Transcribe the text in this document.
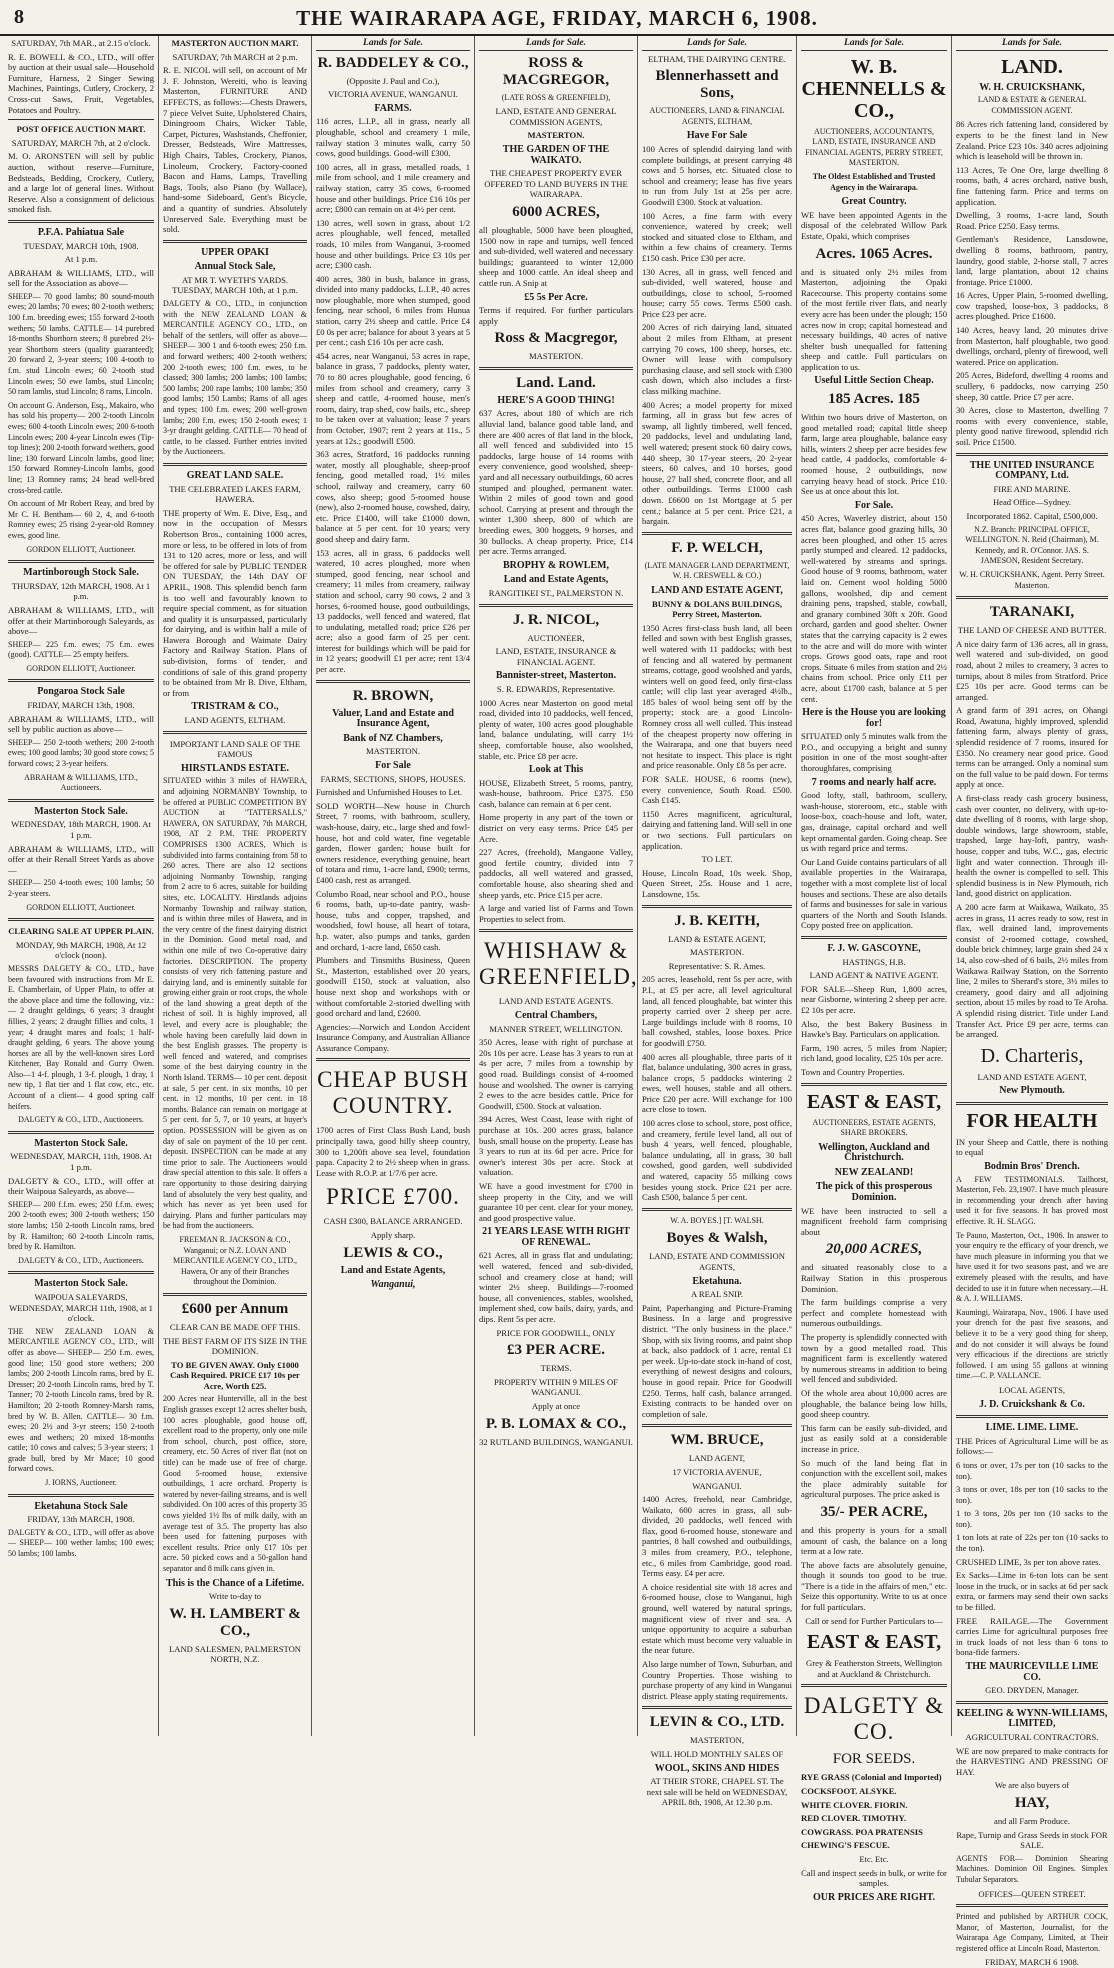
8	THE WAIRARAPA AGE, FRIDAY, MARCH 6, 1908.

SATURDAY, 7th MAR., at 2.15 o'clock.

R. E. BOWELL & CO., LTD., will offer by auction at their usual sale—Household Furniture, Harness, 2 Singer Sewing Machines, Paintings, Cutlery, Crockery, 2 Cross-cut Saws, Fruit, Vegetables, Potatoes and Poultry.

POST OFFICE AUCTION MART.

SATURDAY, MARCH 7th, at 2 o'clock.

M. O. ARONSTEN will sell by public auction, without reserve—Furniture, Bedsteads, Bedding, Crockery, Cutlery, and a large lot of general lines. Without Reserve. Also a consignment of delicious smoked fish.

P.F.A. Pahiatua Sale

TUESDAY, MARCH 10th, 1908.

At 1 p.m.

ABRAHAM & WILLIAMS, LTD., will sell for the Association as above—

SHEEP— 70 good lambs; 80 sound-mouth ewes; 20 lambs; 70 ewes; 80 2-tooth wethers; 100 f.m. breeding ewes; 155 forward 2-tooth wethers; 50 lambs. CATTLE— 14 purebred 18-months Shorthorn steers; 8 purebred 2½-year Shorthorn steers (quality guaranteed); 20 forward 2, 3-year steers; 100 4-tooth to f.m. stud Lincoln ewes; 60 2-tooth stud Lincoln ewes; 50 ewe lambs, stud Lincoln; 50 ram lambs, stud Lincoln; 8 rams, Lincoln.

On account G. Anderson, Esq., Makairo, who has sold his property— 200 2-tooth Lincoln ewes; 600 4-tooth Lincoln ewes; 200 6-tooth Lincoln ewes; 200 4-year Lincoln ewes (Tip-top lines); 200 2-tooth forward wethers, good line; 130 forward Lincoln lambs, good line; 150 forward Romney-Lincoln lambs, good line; 13 Romney rams; 24 head well-bred cross-bred cattle.

On account of Mr Robert Reay, and bred by Mr C. H. Bentham— 60 2, 4, and 6-tooth Romney ewes; 25 rising 2-year-old Romney ewes, good line.

GORDON ELLIOTT, Auctioneer.

Martinborough Stock Sale.

THURSDAY, 12th MARCH, 1908. At 1 p.m.

ABRAHAM & WILLIAMS, LTD., will offer at their Martinborough Saleyards, as above—

SHEEP— 225 f.m. ewes; 75 f.m. ewes (good). CATTLE— 25 empty heifers.

GORDON ELLIOTT, Auctioneer.

Pongaroa Stock Sale

FRIDAY, MARCH 13th, 1908.

ABRAHAM & WILLIAMS, LTD., will sell by public auction as above—

SHEEP— 250 2-tooth wethers; 200 2-tooth ewes; 100 good lambs; 30 good store cows; 5 forward cows; 2 3-year heifers.

ABRAHAM & WILLIAMS, LTD., Auctioneers.

Masterton Stock Sale.

WEDNESDAY, 18th MARCH, 1908. At 1 p.m.

ABRAHAM & WILLIAMS, LTD., will offer at their Renall Street Yards as above—

SHEEP— 250 4-tooth ewes; 100 lambs; 50 2-year steers.

GORDON ELLIOTT, Auctioneer.

CLEARING SALE AT UPPER PLAIN.

MONDAY, 9th MARCH, 1908, At 12 o'clock (noon).

MESSRS DALGETY & CO., LTD., have been favoured with instructions from Mr E. E. Chamberlain, of Upper Plain, to offer at the above place and time the following, viz.:— 2 draught geldings, 6 years; 3 draught fillies, 2 years; 2 draught fillies and colts, 1 year; 4 draught mares and foals; 1 half-draught gelding, 6 years. The above young horses are all by the well-known sires Lord Kitchener, Bay Ronald and Gurry Owen. Also—1 4-f. plough, 1 3-f. plough, 1 dray, 1 new tip, 1 flat tier and 1 flat cow, etc., etc. Account of a client— 4 good spring calf heifers.

DALGETY & CO., LTD., Auctioneers.

Masterton Stock Sale.

WEDNESDAY, MARCH, 11th, 1908. At 1 p.m.

DALGETY & CO., LTD., will offer at their Waipoua Saleyards, as above—

SHEEP— 200 f.f.m. ewes; 250 f.f.m. ewes; 200 2-tooth ewes; 300 2-tooth wethers; 150 store lambs; 150 2-tooth Lincoln rams, bred by R. Hamilton; 60 2-tooth Lincoln rams, bred by R. Hamilton.

DALGETY & CO., LTD., Auctioneers.

Masterton Stock Sale.

WAIPOUA SALEYARDS, WEDNESDAY, MARCH 11th, 1908, at 1 o'clock.

THE NEW ZEALAND LOAN & MERCANTILE AGENCY CO., LTD., will offer as above— SHEEP— 250 f.m. ewes, good line; 150 good store wethers; 200 lambs; 200 2-tooth Lincoln rams, bred by E. Dresser; 20 2-tooth Lincoln rams, bred by T. Tanner; 70 2-tooth Lincoln rams, bred by R. Hamilton; 20 2-tooth Romney-Marsh rams, bred by W. B. Allen. CATTLE— 30 f.m. ewes; 20 2½ and 3-yr steers; 150 2-tooth ewes and wethers; 20 mixed 18-months cattle; 10 cows and calves; 5 3-year steers; 1 grade bull, bred by Mr Mace; 10 good forward cows.

J. IORNS, Auctioneer.

Eketahuna Stock Sale

FRIDAY, 13th MARCH, 1908.

DALGETY & CO., LTD., will offer as above— SHEEP— 100 wether lambs; 100 ewes; 50 lambs; 100 lambs.

MASTERTON AUCTION MART.

SATURDAY, 7th MARCH at 2 p.m.

R. E. NICOL will sell, on account of Mr J. F. Johnston, Wereiti, who is leaving Masterton, FURNITURE AND EFFECTS, as follows:—Chests Drawers, 7 piece Velvet Suite, Upholstered Chairs, Diningroom Chairs, Wicker Table, Carpet, Pictures, Washstands, Cheffonier, Dresser, Bedsteads, Wire Mattresses, High Chairs, Tables, Crockery, Pianos, Linoleum, Crockery, Factory-cooned Bacon and Hams, Lamps, Travelling Bags, Tools, also Piano (by Wallace), hand-some Sideboard, Gent's Bicycle, and a quantity of sundries. Absolutely Unreserved Sale. Everything must be sold.

UPPER OPAKI
Annual Stock Sale,

AT MR T. WYETH'S YARDS. TUESDAY, MARCH 10th, at 1 p.m.

DALGETY & CO., LTD., in conjunction with the NEW ZEALAND LOAN & MERCANTILE AGENCY CO., LTD., on behalf of the settlers, will offer as above— SHEEP— 300 1 and 6-tooth ewes; 250 f.m. and forward wethers; 400 2-tooth wethers; 200 2-tooth ewes; 100 f.m. ewes, to be classed; 300 lambs; 200 lambs; 100 lambs; 500 lambs; 200 rape lambs; 100 lambs; 350 good lambs; 150 Lambs; Rams of all ages and types; 100 f.m. ewes; 200 well-grown lambs; 200 f.m. ewes; 150 2-tooth ewes; 1 3-yr draught gelding. CATTLE— 70 head of cattle, to be classed. Further entries invited by the Auctioneers.

GREAT LAND SALE.

THE CELEBRATED LAKES FARM, HAWERA.

THE property of Wm. E. Dive, Esq., and now in the occupation of Messrs Robertson Bros., containing 1000 acres, more or less, to be offered in lots of from 131 to 120 acres, more or less, and will be offered for sale by PUBLIC TENDER ON TUESDAY, the 14th DAY OF APRIL, 1908. This splendid bench farm is too well and favourably known to require special comment, as for situation and quality it is unsurpassed, particularly for dairying, and is within half a mile of Hawera Borough and Waimate Dairy Factory and Railway Station. Plans of sub-division, forms of tender, and conditions of sale of this grand property to be obtained from Mr B. Dive, Eltham, or from

TRISTRAM & CO.,

LAND AGENTS, ELTHAM.

IMPORTANT LAND SALE OF THE FAMOUS

HIRSTLANDS ESTATE.

SITUATED within 3 miles of HAWERA, and adjoining NORMANBY Township, to be offered at PUBLIC COMPETITION BY AUCTION at "TATTERSALLS," HAWERA, ON SATURDAY, 7th MARCH, 1908, AT 2 P.M. THE PROPERTY COMPRISES 1300 ACRES, Which is subdivided into farms containing from 58 to 260 acres. There are also 12 sections adjoining Normanby Township, ranging from 2 acre to 6 acres, suitable for building sites, etc. LOCALITY. Hirstlands adjoins Normanby Township and railway station, and is within three miles of Hawera, and in the very centre of the finest dairying district in the Dominion. Good metal road, and within one mile of two Co-operative dairy factories. DESCRIPTION. The property consists of very rich fattening pasture and dairying land, and is eminently suitable for growing either grain or root crops, the whole of the land showing a great depth of the richest of soil. It is highly improved, all level, and every acre is ploughable; the whole having been carefully laid down in the best English grasses. The property is well fenced and watered, and comprises some of the best dairying country in the North Island. TERMS— 10 per cent. deposit at sale, 5 per cent. in six months, 10 per cent. in 12 months, 10 per cent. in 18 months. Balance can remain on mortgage at 5 per cent. for 5, 7, or 10 years, at buyer's option. POSSESSION will be given as on day of sale on payment of the 10 per cent. deposit. INSPECTION can be made at any time prior to sale. The Auctioneers would draw special attention to this sale. It offers a rare opportunity to those desiring dairying land of absolutely the very best quality, and which has never as yet been used for dairying. Plans and further particulars may be had from the auctioneers.

FREEMAN R. JACKSON & CO., Wanganui; or N.Z. LOAN AND MERCANTILE AGENCY CO., LTD., Hawera, Or any of their Branches throughout the Dominion.

£600 per Annum

CLEAR CAN BE MADE OFF THIS.

THE BEST FARM OF ITS SIZE IN THE DOMINION.

TO BE GIVEN AWAY. Only £1000 Cash Required. PRICE £17 10s per Acre, Worth £25.

200 Acres near Hunterville, all in the best English grasses except 12 acres shelter bush, 100 acres ploughable, good house off, excellent road to the property, only one mile from school, church, post office, store, creamery, etc. 50 Acres of river flat (not on title) can be made use of free of charge. Good 5-roomed house, extensive outbuildings, 1 acre orchard. Property is watered by never-failing streams, and is well subdivided. On 100 acres of this property 35 cows yielded 1½ lbs of milk daily, with an average test of 3.5. The property has also been used for fattening purposes with excellent results. Price only £17 10s per acre. 50 picked cows and a 50-gallon hand separator and 8 milk cans given in.

This is the Chance of a Lifetime.

Write to-day to

W. H. LAMBERT & CO.,

LAND SALESMEN, PALMERSTON NORTH, N.Z.

Lands for Sale.
R. BADDELEY & CO.,

(Opposite J. Paul and Co.),

VICTORIA AVENUE, WANGANUI.

FARMS.

116 acres, L.I.P., all in grass, nearly all ploughable, school and creamery 1 mile, railway station 3 minutes walk, carry 50 cows, good buildings. Good-will £300.

100 acres, all in grass, metalled roads, 1 mile from school, and 1 mile creamery and railway station, carry 35 cows, 6-roomed house and other buildings. Price £16 10s per acre; £800 can remain on at 4½ per cent.

130 acres, well sown in grass, about 1/2 acres ploughable, well fenced, metalled roads, 10 miles from Wanganui, 3-roomed house and other buildings. Price £3 10s per acre; £300 cash.

400 acres, 380 in bush, balance in grass, divided into many paddocks, L.I.P., 40 acres now ploughable, more when stumped, good fencing, near school, 6 miles from Hunua station, carry 2½ sheep and cattle. Price £4 £0 0s per acre; balance for about 3 years at 5 per cent.; cash £16 10s per acre cash.

454 acres, near Wanganui, 53 acres in rape, balance in grass, 7 paddocks, plenty water, 70 to 80 acres ploughable, good fencing, 6 miles from school and creamery, carry 3 sheep and cattle, 4-roomed house, men's room, dairy, trap shed, cow bails, etc., sheep to be taken over at valuation; lease 7 years from October, 1907; rent 2 years at 11s., 5 years at 12s.; goodwill £500.

363 acres, Stratford, 16 paddocks running water, mostly all ploughable, sheep-proof fencing, good metalled road, 1½ miles school, railway and creamery, carry 60 cows, also sheep; good 5-roomed house (new), also 2-roomed house, cowshed, dairy, etc. Price £1400, will take £1000 down, balance at 5 per cent. for 10 years; very good sheep and dairy farm.

153 acres, all in grass, 6 paddocks well watered, 10 acres ploughed, more when stumped, good fencing, near school and creamery; 11 miles from creamery, railway station and school, carry 90 cows, 2 and 3 horses, 6-roomed house, good outbuildings, 13 paddocks, well fenced and watered, flat to undulating, metalled road; price £26 per acre; also a good farm of 25 per cent. interest for buildings which will be paid for in 12 years; goodwill £1 per acre; rent 13/4 per acre.

R. BROWN,
Valuer, Land and Estate and Insurance Agent,
Bank of NZ Chambers,

MASTERTON.

For Sale

FARMS, SECTIONS, SHOPS, HOUSES.

Furnished and Unfurnished Houses to Let.

SOLD WORTH—New house in Church Street, 7 rooms, with bathroom, scullery, wash-house, dairy, etc., large shed and fowl-house, hot and cold water, fine vegetable garden, flower garden; house built for owners residence, everything genuine, heart of totara and rimu, 1-acre land, £900; terms, £400 cash, rest as arranged.

Columbo Road, near school and P.O., house 6 rooms, bath, up-to-date pantry, wash-house, tubs and copper, trapshed, and woodshed, fowl house, all heart of totara, h.p. water, also pumps and tanks, garden and orchard, 1-acre land, £650 cash.

Plumbers and Tinsmiths Business, Queen St., Masterton, established over 20 years, goodwill £150, stock at valuation, also house next shop and workshops with or without comfortable 2-storied dwelling with good orchard and land, £2600.

Agencies:—Norwich and London Accident Insurance Company, and Australian Alliance Assurance Company.

CHEAP BUSH COUNTRY.

1700 acres of First Class Bush Land, bush principally tawa, good hilly sheep country, 300 to 1,200ft above sea level, foundation papa. Capacity 2 to 2½ sheep when in grass. Lease with R.O.P. at 1/7/6 per acre.

PRICE £700.

CASH £300, BALANCE ARRANGED.

Apply sharp.

LEWIS & CO.,
Land and Estate Agents,
Wanganui,
Lands for Sale.
ROSS & MACGREGOR,

(LATE ROSS & GREENFIELD),

LAND, ESTATE AND GENERAL COMMISSION AGENTS,

MASTERTON.

THE GARDEN OF THE WAIKATO.

THE CHEAPEST PROPERTY EVER OFFERED TO LAND BUYERS IN THE WAIRARAPA.

6000 ACRES,

all ploughable, 5000 have been ploughed, 1500 now in rape and turnips, well fenced and sub-divided, well watered and necessary buildings; guaranteed to winter 12,000 sheep and 1000 cattle. An ideal sheep and cattle run. A Snip at

£5 5s Per Acre.

Terms if required. For further particulars apply

Ross & Macgregor,

MASTERTON.

Land. Land.
HERE'S A GOOD THING!

637 Acres, about 180 of which are rich alluvial land, balance good table land, and there are 400 acres of flat land in the block, all well fenced and subdivided into 15 paddocks, large house of 14 rooms with every convenience, good woolshed, sheep-yard and all necessary outbuildings, 60 acres stumped and ploughed, permanent water. Within 2 miles of good town and good school. Carrying at present and through the winter 1,300 sheep, 800 of which are breeding ewes, 300 hoggets, 9 horses, and 30 bullocks. A cheap property. Price, £14 per acre. Terms arranged.

BROPHY & ROWLEM,
Land and Estate Agents,

RANGITIKEI ST., PALMERSTON N.

J. R. NICOL,

AUCTIONEER,

LAND, ESTATE, INSURANCE & FINANCIAL AGENT.

Bannister-street, Masterton.

S. R. EDWARDS, Representative.

1000 Acres near Masterton on good metal road, divided into 10 paddocks, well fenced, plenty of water, 100 acres good ploughable land, balance undulating, will carry 1½ sheep, comfortable house, also woolshed, stable, etc. Price £8 per acre.

Look at This

HOUSE, Elizabeth Street, 5 rooms, pantry, wash-house, bathroom. Price £375. £50 cash, balance can remain at 6 per cent.

Home property in any part of the town or district on very easy terms. Price £45 per Acre.

227 Acres, (freehold), Mangaone Valley, good fertile country, divided into 7 paddocks, all well watered and grassed, comfortable house, also shearing shed and sheep yards, etc. Price £15 per acre.

A large and varied list of Farms and Town Properties to select from.

WHISHAW & GREENFIELD,

LAND AND ESTATE AGENTS.

Central Chambers,

MANNER STREET, WELLINGTON.

350 Acres, lease with right of purchase at 20s 10s per acre. Lease has 3 years to run at 4s per acre, 7 miles from a township by good road. Buildings consist of 4-roomed house and woolshed. The owner is carrying 2 ewes to the acre besides cattle. Price for Goodwill, £500. Stock at valuation.

394 Acres, West Coast, lease with right of purchase at 10s. 200 acres grass, balance bush, small house on the property. Lease has 3 years to run at its 6d per acre. Price for owner's interest 30s per acre. Stock at valuation.

WE have a good investment for £700 in sheep property in the City, and we will guarantee 10 per cent. clear for your money, and good prospective value.

21 YEARS LEASE WITH RIGHT OF RENEWAL.

621 Acres, all in grass flat and undulating; well watered, fenced and sub-divided, school and creamery close at hand; will winter 2½ sheep. Buildings—7-roomed house, all conveniences, stables, woolshed, implement shed, cow bails, dairy, yards, and dips. Rent 5s per acre.

PRICE FOR GOODWILL, ONLY

£3 PER ACRE.

TERMS.

PROPERTY WITHIN 9 MILES OF WANGANUI.

Apply at once

P. B. LOMAX & CO.,

32 RUTLAND BUILDINGS, WANGANUI.

Lands for Sale.

ELTHAM, THE DAIRYING CENTRE.

Blennerhassett and Sons,

AUCTIONEERS, LAND & FINANCIAL AGENTS, ELTHAM,

Have For Sale

100 Acres of splendid dairying land with complete buildings, at present carrying 48 cows and 5 horses, etc. Situated close to school and creamery; lease has five years to run from July 1st at 25s per acre. Goodwill £300. Stock at valuation.

100 Acres, a fine farm with every convenience, watered by creek; well stocked and situated close to Eltham, and within a few chains of creamery. Terms £150 cash. Price £30 per acre.

130 Acres, all in grass, well fenced and sub-divided, well watered, house and outbuildings, close to school, 5-roomed house; carry 55 cows. Terms £500 cash. Price £23 per acre.

200 Acres of rich dairying land, situated about 2 miles from Eltham, at present carrying 70 cows, 100 sheep, horses, etc. Owner will lease with compulsory purchasing clause, and sell stock with £300 cash down, which also includes a first-class milking machine.

400 Acres; a model property for mixed farming, all in grass but few acres of swamp, all lightly timbered, well fenced, 20 paddocks, level and undulating land, well watered; present stock 60 dairy cows, 440 sheep, 30 17-year steers, 20 2-year steers, 60 calves, and 10 horses, good house, 27 ball shed, concrete floor, and all other outbuildings. Terms £1000 cash down. £6600 on 1st Mortgage at 5 per cent.; balance at 5 per cent. Price £21, a bargain.

F. P. WELCH,

(LATE MANAGER LAND DEPARTMENT, W. H. CRESWELL & CO.)

LAND AND ESTATE AGENT,

BUNNY & DOLANS BUILDINGS, Perry Street, Masterton.

1350 Acres first-class bush land, all been felled and sown with best English grasses, well watered with 11 paddocks; with best of fencing and all watered by permanent streams, cottage, good woolshed and yards, winters well on good feed, only first-class cattle; will clip last year averaged 4½lb., 185 bales of wool being sent off by the property; stock are a good Lincoln-Romney cross all well culled. This instead of the cheapest property now offering in the Wairarapa, and one that buyers need not hesitate to inspect. This place is right and price reasonable. Only £8 5s per acre.

FOR SALE. HOUSE, 6 rooms (new), every convenience, South Road. £500. Cash £145.

1150 Acres magnificent, agricultural, dairying and fattening land. Will sell in one or two sections. Full particulars on application.

TO LET.

House, Lincoln Road, 10s week. Shop, Queen Street, 25s. House and 1 acre, Lansdowne, 15s.

J. B. KEITH,

LAND & ESTATE AGENT,

MASTERTON.

Representative: S. R. Ames.

205 acres, leasehold, rent 5s per acre, with P.I., at £5 per acre, all level agricultural land, all fenced ploughable, bat winter this property carried over 2 sheep per acre. Large buildings include with 8 rooms, 10 ball cowshed, stables, loose boxes. Price for goodwill £750.

400 acres all ploughable, three parts of it flat, balance undulating, 300 acres in grass, balance crops, 5 paddocks wintering 2 ewes, well houses, stable and all others. Price £20 per acre. Will exchange for 100 acre close to town.

100 acres close to school, store, post office, and creamery, fertile level land, all out of bush 4 years, well fenced, ploughable, balance undulating, all in grass, 30 ball cowshed, good garden, well subdivided and watered, capacity 55 milking cows besides young stock. Price £21 per acre. Cash £500, balance 5 per cent.

W. A. BOYES.] [T. WALSH.

Boyes & Walsh,

LAND, ESTATE AND COMMISSION AGENTS,

Eketahuna.

A REAL SNIP.

Paint, Paperhanging and Picture-Framing Business. In a large and progressive district. "The only business in the place." Shop, with six living rooms, and paint shop at back, also paddock of 1 acre, rental £1 per week. Up-to-date stock in-hand of cost, everything of newest designs and colours, house in good repair. Price for Goodwill £250. Terms, half cash, balance arranged. Existing contracts to be handed over on completion of sale.

WM. BRUCE,

LAND AGENT,

17 VICTORIA AVENUE,

WANGANUI.

1400 Acres, freehold, near Cambridge, Waikato, 600 acres in grass, all sub-divided, 20 paddocks, well fenced with flax, good 6-roomed house, stoneware and pantries, 8 hall cowshed and outbuildings, 3 miles from creamery, P.O., telephone, etc., 6 miles from Cambridge, good road. Terms easy. £4 per acre.

A choice residential site with 18 acres and 6-roomed house, close to Wanganui, high ground, well watered by natural springs, magnificent view of river and sea. A unique opportunity to acquire a suburban estate which must become very valuable in the near future.

Also large number of Town, Suburban, and Country Properties. Those wishing to purchase property of any kind in Wanganui district. Please apply stating requirements.

LEVIN & CO., LTD.

MASTERTON,

WILL HOLD MONTHLY SALES OF

WOOL, SKINS AND HIDES

AT THEIR STORE, CHAPEL ST. The next sale will be held on WEDNESDAY, APRIL 8th, 1908, At 12.30 p.m.

Lands for Sale.
W. B. CHENNELLS & CO.,

AUCTIONEERS, ACCOUNTANTS, LAND, ESTATE, INSURANCE AND FINANCIAL AGENTS, PERRY STREET, MASTERTON.

The Oldest Established and Trusted Agency in the Wairarapa.

Great Country.

WE have been appointed Agents in the disposal of the celebrated Willow Park Estate, Opaki, which comprises

Acres. 1065 Acres.

and is situated only 2½ miles from Masterton, adjoining the Opaki Racecourse. This property contains some of the most fertile river flats, and nearly every acre has been under the plough; 150 acres now in crop; capital homestead and necessary buildings, 40 acres of native shelter bush unequalled for fattening sheep and cattle. Full particulars on application to us.

Useful Little Section Cheap.
185 Acres. 185

Within two hours drive of Masterton, on good metalled road; capital little sheep farm, large area ploughable, balance easy hills, winters 2 sheep per acre besides few head cattle, 4 paddocks, comfortable 4-roomed house, 2 outbuildings, now carrying heavy head of stock. Price £10. See us at once about this lot.

For Sale.

450 Acres, Waverley district, about 150 acres flat, balance good grazing hills, 30 acres been ploughed, and other 15 acres partly stumped and cleared. 12 paddocks, well-watered by streams and springs. Good house of 9 rooms, bathroom, water laid on. Cement wool holding 5000 gallons, woolshed, dip and cement draining pens, trapshed, stable, cowball, and granary combined 30ft x 20ft. Good orchard, garden and good shelter. Owner states that the carrying capacity is 2 ewes to the acre and will do more with winter crops. Grows good oats, rape and root crops. Situate 6 miles from station and 2½ chains from school. Price only £11 per acre, about £1700 cash, balance at 5 per cent.

Here is the House you are looking for!

SITUATED only 5 minutes walk from the P.O., and occupying a bright and sunny position in one of the most sought-after thoroughfares, comprising

7 rooms and nearly half acre.

Good lofty, stall, bathroom, scullery, wash-house, storeroom, etc., stable with loose-box, coach-house and loft, water, gas, drainage, capital orchard and well kept ornamental garden. Going cheap. See us with regard price and terms.

Our Land Guide contains particulars of all available properties in the Wairarapa, together with a most complete list of local houses and sections. These are also details of farms and businesses for sale in various quarters of the North and South Islands. Copy posted free on application.

F. J. W. GASCOYNE,

HASTINGS, H.B.

LAND AGENT & NATIVE AGENT.

FOR SALE—Sheep Run, 1,800 acres, near Gisborne, wintering 2 sheep per acre. £2 10s per acre.

Also, the best Bakery Business in Hawke's Bay. Particulars on application.

Farm, 190 acres, 5 miles from Napier; rich land, good locality, £25 10s per acre.

Town and Country Properties.

EAST & EAST,

AUCTIONEERS, ESTATE AGENTS, SHARE BROKERS.

Wellington, Auckland and Christchurch.
NEW ZEALAND!
The pick of this prosperous Dominion.

WE have been instructed to sell a magnificent freehold farm comprising about

20,000 ACRES,

and situated reasonably close to a Railway Station in this prosperous Dominion.

The farm buildings comprise a very perfect and complete homestead with numerous outbuildings.

The property is splendidly connected with town by a good metalled road. This magnificent farm is excellently watered by numerous streams in addition to being well fenced and subdivided.

Of the whole area about 10,000 acres are ploughable, the balance being low hills, good sheep country.

This farm can be easily sub-divided, and just as easily sold at a considerable increase in price.

So much of the land being flat in conjunction with the excellent soil, makes the place admirably suitable for agricultural purposes. The price asked is

35/- PER ACRE,

and this property is yours for a small amount of cash, the balance on a long term at a low rate.

The above facts are absolutely genuine, though it sounds too good to be true. "There is a tide in the affairs of men," etc. Seize this opportunity. Write to us at once for full particulars.

Call or send for Further Particulars to—

EAST & EAST,

Grey & Featherston Streets, Wellington and at Auckland & Christchurch.

DALGETY & CO.
FOR SEEDS.

RYE GRASS (Colonial and Imported)

COCKSFOOT. ALSYKE.

WHITE CLOVER. FIORIN.

RED CLOVER. TIMOTHY.

COWGRASS. POA PRATENSIS

CHEWING'S FESCUE.

Etc. Etc.

Call and inspect seeds in bulk, or write for samples.

OUR PRICES ARE RIGHT.
Lands for Sale.
LAND.
W. H. CRUICKSHANK,

LAND & ESTATE & GENERAL COMMISSION AGENT.

86 Acres rich fattening land, considered by experts to be the finest land in New Zealand. Price £23 10s. 340 acres adjoining which is leasehold will be thrown in.

113 Acres, Te One Ore, large dwelling 8 rooms, bath, 4 acres orchard, native bush, fine fattening farm. Price and terms on application.

Dwelling, 3 rooms, 1-acre land, South Road. Price £250. Easy terms.

Gentleman's Residence, Lansdowne, dwelling 8 rooms, bathroom, pantry, laundry, good stable, 2-horse stall, 7 acres land, large plantation, about 12 chains frontage. Price £1000.

16 Acres, Upper Plain, 5-roomed dwelling, cow trapshed, loose-box, 3 paddocks, 8 acres ploughed. Price £1600.

140 Acres, heavy land, 20 minutes drive from Masterton, half ploughable, two good dwellings, orchard, plenty of firewood, well watered. Price on application.

205 Acres, Bideford, dwelling 4 rooms and scullery, 6 paddocks, now carrying 250 sheep, 30 cattle. Price £7 per acre.

30 Acres, close to Masterton, dwelling 7 rooms with every convenience, stable, plenty good native firewood, splendid rich soil. Price £1500.

THE UNITED INSURANCE COMPANY, Ltd.

FIRE AND MARINE.

Head Office—Sydney.

Incorporated 1862. Capital, £500,000.

N.Z. Branch: PRINCIPAL OFFICE, WELLINGTON. N. Reid (Chairman), M. Kennedy, and R. O'Connor. JAS. S. JAMESON, Resident Secretary.

W. H. CRUICKSHANK, Agent. Perry Street. Masterton.

TARANAKI,

THE LAND OF CHEESE AND BUTTER.

A nice dairy farm of 136 acres, all in grass, well watered and sub-divided, on good road, about 2 miles to creamery, 3 acres to turnips, about 8 miles from Stratford. Price £25 10s per acre. Good terms can be arranged.

A grand farm of 391 acres, on Ohangi Road, Awatuna, highly improved, splendid fattening farm, always plenty of grass, splendid residence of 7 rooms, insured for £350. No creamery near good price. Good terms can be arranged. Only a nominal sum on the full value to be paid down. For terms apply at once.

A first-class ready cash grocery business, cash over counter, no delivery, with up-to-date dwelling of 8 rooms, with large shop, double windows, large showroom, stable, trapshed, large hay-loft, pantry, wash-house, copper and tubs, W.C., gas, electric light and water connection. Through ill-health the owner is compelled to sell. This splendid business is in New Plymouth, rich land, good district on application.

A 200 acre farm at Waikawa, Waikato, 35 acres in grass, 11 acres ready to sow, rest in flax, well drained land, improvements consist of 2-roomed cottage, cowshed, double brick chimney, large grain shed 24 x 14, also cow-shed of 6 bails, 2½ miles from Waikawa Railway Station, on the Sorrento line, 2 miles to Sherard's store, 3½ miles to creamery, good dairy and all adjoining section, about 15 miles by road to Te Aroha. A splendid rising district. Title under Land Transfer Act. Price £9 per acre, terms can be arranged.

D. Charteris,

LAND AND ESTATE AGENT,

New Plymouth.
FOR HEALTH

IN your Sheep and Cattle, there is nothing to equal

Bodmin Bros' Drench.

A FEW TESTIMONIALS. Tailhorst, Masterton, Feb. 23,1907. I have much pleasure in recommending your drench after having used it for five seasons. It has proved most effective. R. H. SLAGG.

Te Pauno, Masterton, Oct., 1906. In answer to your enquiry re the efficacy of your drench, we have much pleasure in informing you that we have used it for two seasons past, and we are extremely pleased with the results, and have decided to use it in future when necessary.—H. & A. J. WILLIAMS.

Kaumingi, Wairarapa, Nov., 1906. I have used your drench for the past five seasons, and believe it to be a very good thing for sheep, and do not consider it will always be found very efficacious if the directions are strictly followed. I am using 55 gallons at winning time.—C. P. VALLANCE.

LOCAL AGENTS,

J. D. Cruickshank & Co.
LIME. LIME. LIME.

THE Prices of Agricultural Lime will be as follows:—

6 tons or over, 17s per ton (10 sacks to the ton).

3 tons or over, 18s per ton (10 sacks to the ton).

1 to 3 tons, 20s per ton (10 sacks to the ton).

1 ton lots at rate of 22s per ton (10 sacks to the ton).

CRUSHED LIME, 3s per ton above rates.

Ex Sacks—Lime in 6-ton lots can be sent loose in the truck, or in sacks at 6d per sack extra, or farmers may send their own sacks to be filled.

FREE RAILAGE.—The Government carries Lime for agricultural purposes free in truck loads of not less than 6 tons to bona-fide farmers.

THE MAURICEVILLE LIME CO.

GEO. DRYDEN, Manager.

KEELING & WYNN-WILLIAMS, LIMITED,

AGRICULTURAL CONTRACTORS.

WE are now prepared to make contracts for the HARVESTING AND PRESSING OF HAY.

We are also buyers of

HAY,

and all Farm Produce.

Rape, Turnip and Grass Seeds in stock FOR SALE.

AGENTS FOR— Dominion Shearing Machines. Dominion Oil Engines. Simplex Tubular Separators.

OFFICES—QUEEN STREET.

Printed and published by ARTHUR COCK, Manor, of Masterton, Journalist, for the Wairarapa Age Company, Limited, at Their registered office at Lincoln Road, Masterton.

FRIDAY, MARCH 6 1908.
